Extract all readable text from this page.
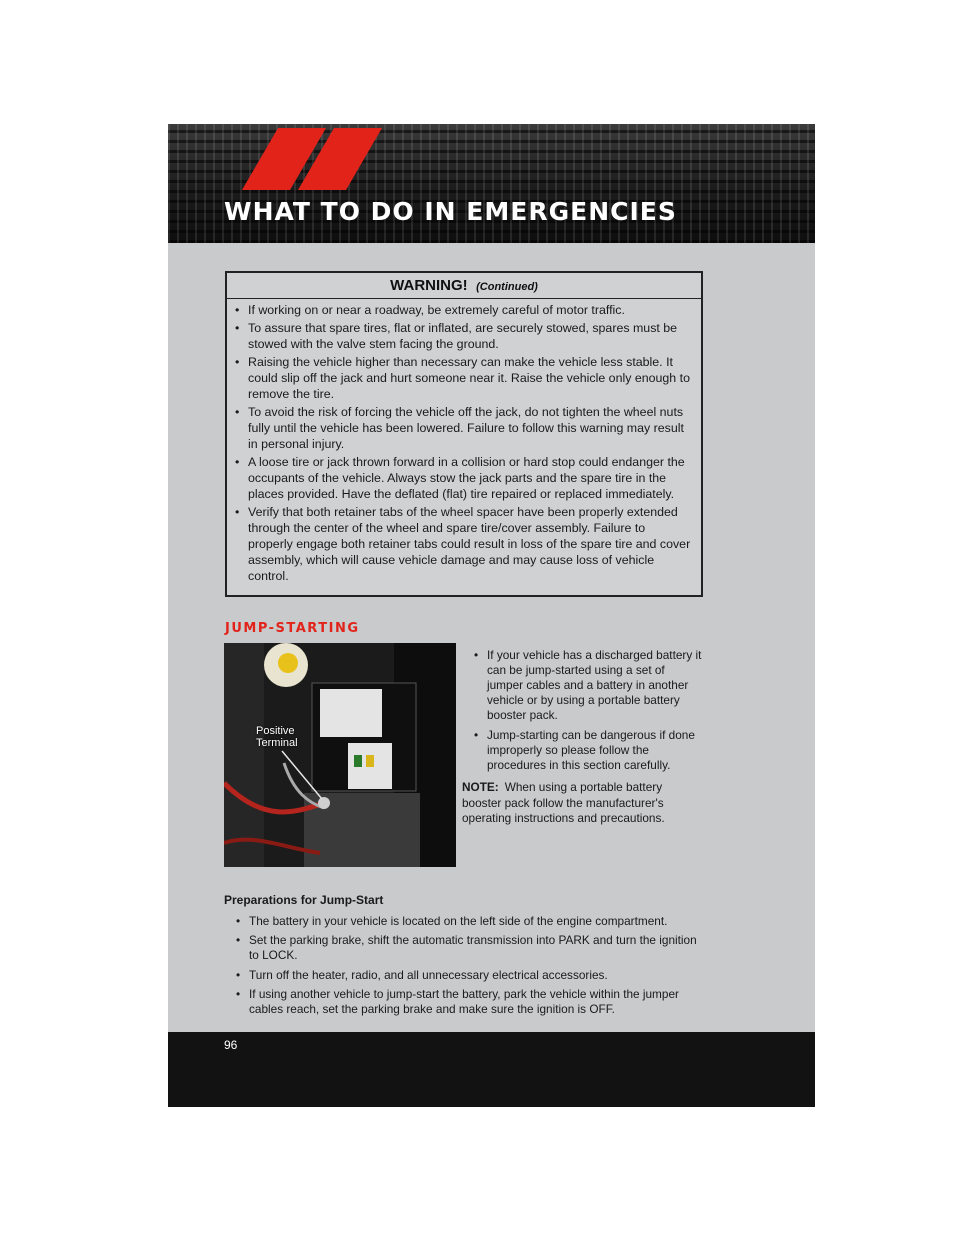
WHAT TO DO IN EMERGENCIES
WARNING! (Continued)
• If working on or near a roadway, be extremely careful of motor traffic.
• To assure that spare tires, flat or inflated, are securely stowed, spares must be stowed with the valve stem facing the ground.
• Raising the vehicle higher than necessary can make the vehicle less stable. It could slip off the jack and hurt someone near it. Raise the vehicle only enough to remove the tire.
• To avoid the risk of forcing the vehicle off the jack, do not tighten the wheel nuts fully until the vehicle has been lowered. Failure to follow this warning may result in personal injury.
• A loose tire or jack thrown forward in a collision or hard stop could endanger the occupants of the vehicle. Always stow the jack parts and the spare tire in the places provided. Have the deflated (flat) tire repaired or replaced immediately.
• Verify that both retainer tabs of the wheel spacer have been properly extended through the center of the wheel and spare tire/cover assembly. Failure to properly engage both retainer tabs could result in loss of the spare tire and cover assembly, which will cause vehicle damage and may cause loss of vehicle control.
JUMP-STARTING
Positive
Terminal
• If your vehicle has a discharged battery it can be jump-started using a set of jumper cables and a battery in another vehicle or by using a portable battery booster pack.
• Jump-starting can be dangerous if done improperly so please follow the procedures in this section carefully.

NOTE: When using a portable battery booster pack follow the manufacturer's operating instructions and precautions.

Preparations for Jump-Start
• The battery in your vehicle is located on the left side of the engine compartment.
• Set the parking brake, shift the automatic transmission into PARK and turn the ignition to LOCK.
• Turn off the heater, radio, and all unnecessary electrical accessories.
• If using another vehicle to jump-start the battery, park the vehicle within the jumper cables reach, set the parking brake and make sure the ignition is OFF.
96
